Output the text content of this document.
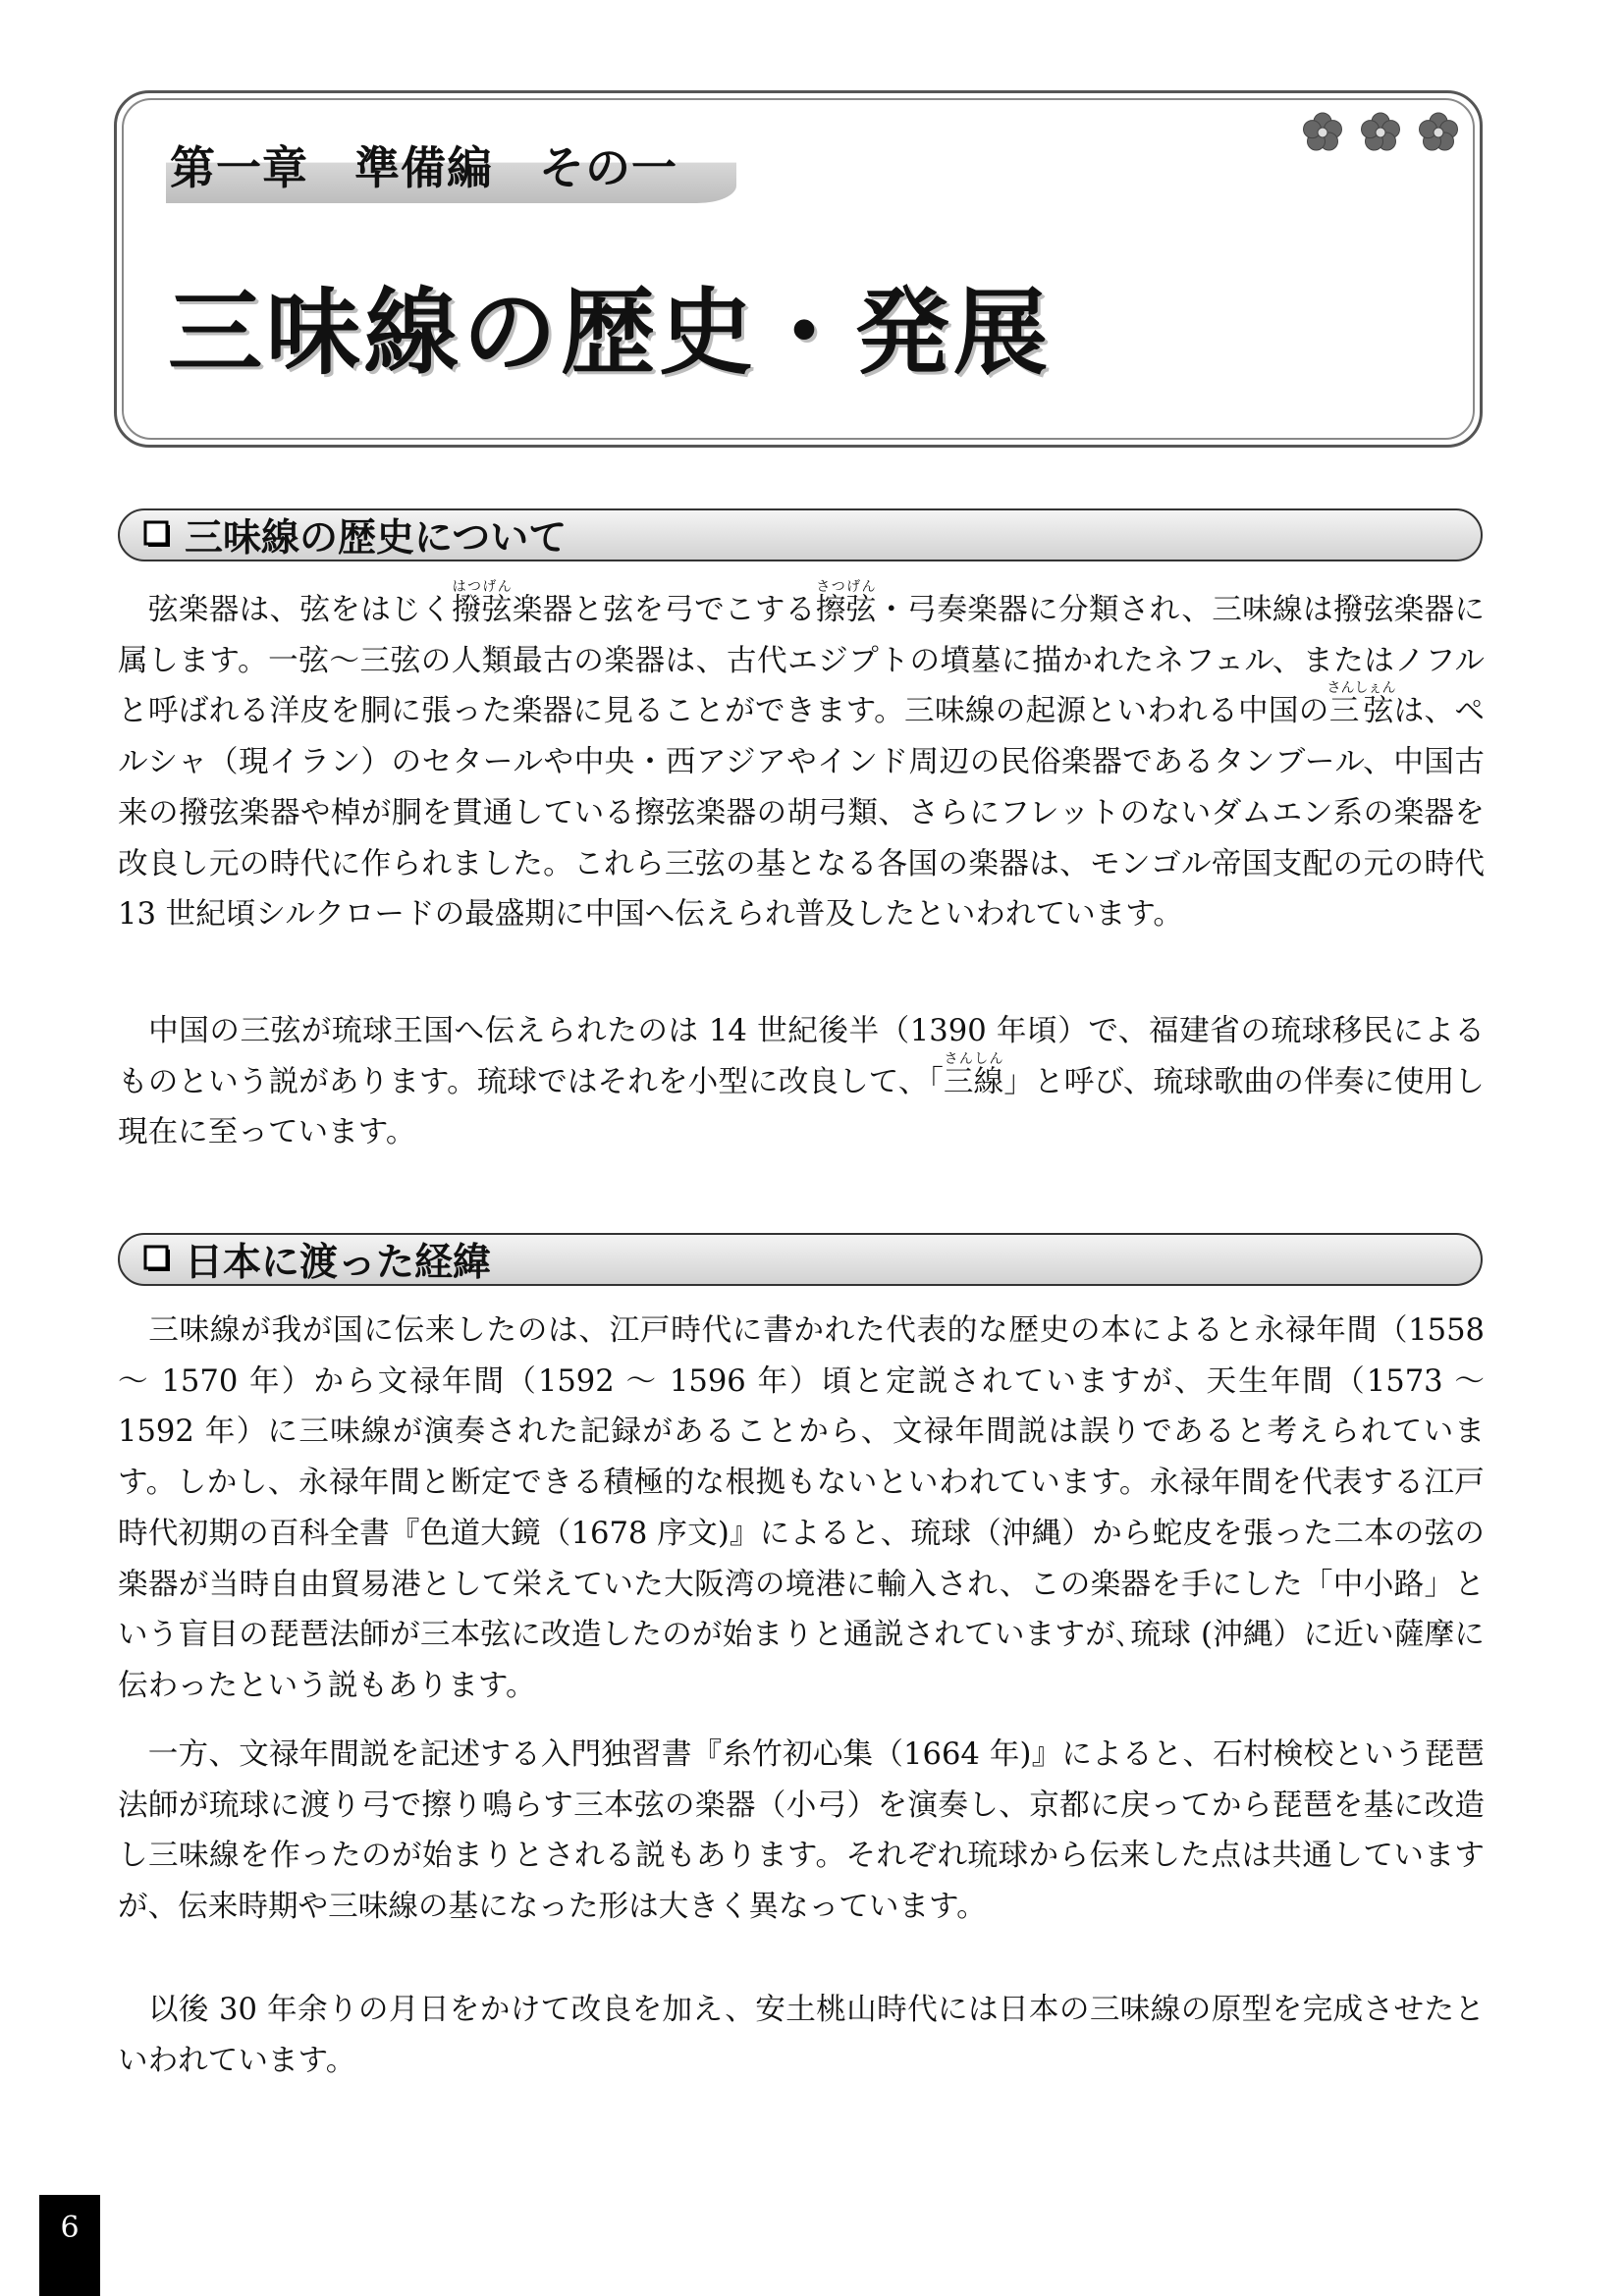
第一章　準備編　その一
三味線の歴史・発展
三味線の歴史について

　弦楽器は、弦をはじく撥弦はつげん楽器と弦を弓でこする擦弦さつげん・弓奏楽器に分類され、三味線は撥弦楽器に属します。一弦～三弦の人類最古の楽器は、古代エジプトの墳墓に描かれたネフェル、またはノフルと呼ばれる洋皮を胴に張った楽器に見ることができます。三味線の起源といわれる中国の三弦さんしぇんは、ペルシャ（現イラン）のセタールや中央・西アジアやインド周辺の民俗楽器であるタンブール、中国古来の撥弦楽器や棹が胴を貫通している擦弦楽器の胡弓類、さらにフレットのないダムエン系の楽器を改良し元の時代に作られました。これら三弦の基となる各国の楽器は、モンゴル帝国支配の元の時代 13 世紀頃シルクロードの最盛期に中国へ伝えられ普及したといわれています。

　中国の三弦が琉球王国へ伝えられたのは 14 世紀後半（1390 年頃）で、福建省の琉球移民によるものという説があります。琉球ではそれを小型に改良して、「三線さんしん」と呼び、琉球歌曲の伴奏に使用し現在に至っています。

日本に渡った経緯

　三味線が我が国に伝来したのは、江戸時代に書かれた代表的な歴史の本によると永禄年間（1558 ～ 1570 年）から文禄年間（1592 ～ 1596 年）頃と定説されていますが、天生年間（1573 ～ 1592 年）に三味線が演奏された記録があることから、文禄年間説は誤りであると考えられています。しかし、永禄年間と断定できる積極的な根拠もないといわれています。永禄年間を代表する江戸時代初期の百科全書『色道大鏡（1678 序文)』によると、琉球（沖縄）から蛇皮を張った二本の弦の楽器が当時自由貿易港として栄えていた大阪湾の境港に輸入され、この楽器を手にした「中小路」という盲目の琵琶法師が三本弦に改造したのが始まりと通説されていますが､琉球 (沖縄）に近い薩摩に伝わったという説もあります。

　一方、文禄年間説を記述する入門独習書『糸竹初心集（1664 年)』によると、石村検校という琵琶法師が琉球に渡り弓で擦り鳴らす三本弦の楽器（小弓）を演奏し、京都に戻ってから琵琶を基に改造し三味線を作ったのが始まりとされる説もあります。それぞれ琉球から伝来した点は共通していますが、伝来時期や三味線の基になった形は大きく異なっています。

　以後 30 年余りの月日をかけて改良を加え、安土桃山時代には日本の三味線の原型を完成させたといわれています。

6
